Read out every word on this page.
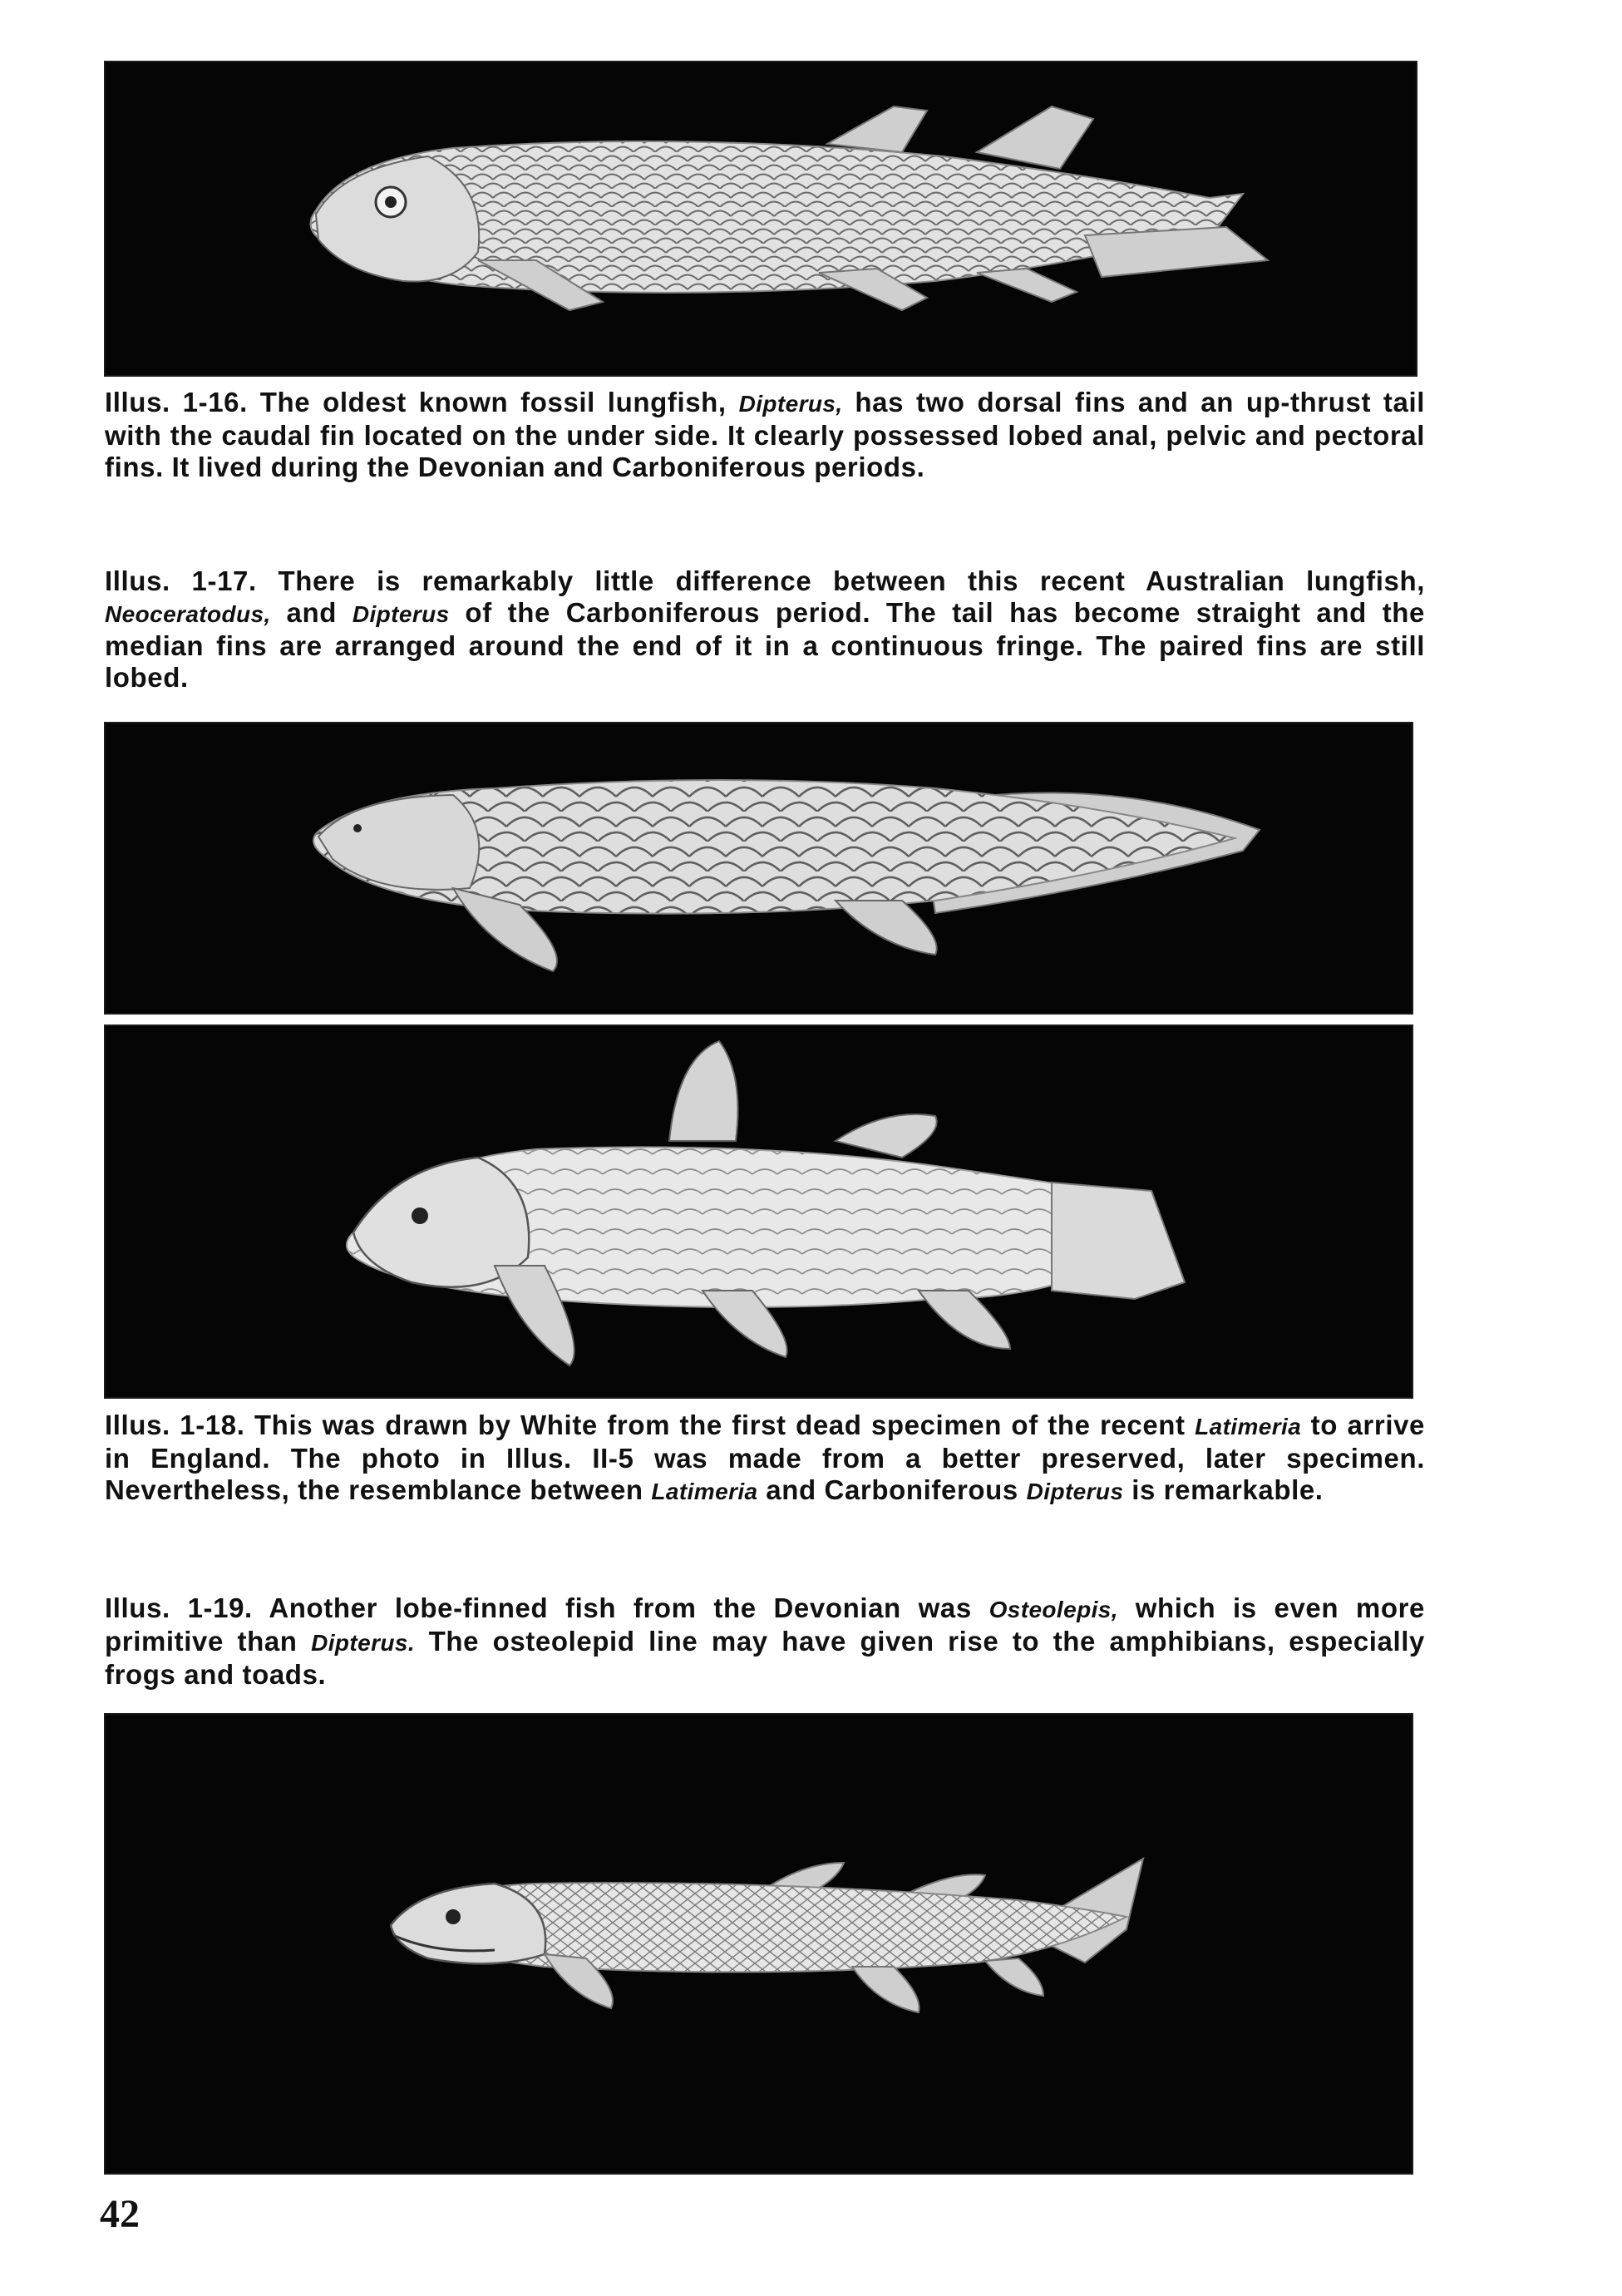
Illus. 1-16. The oldest known fossil lungfish, Dipterus, has two dorsal fins and an up-thrust tail with the caudal fin located on the under side. It clearly possessed lobed anal, pelvic and pectoral fins. It lived during the Devonian and Carboniferous periods.

Illus. 1-17. There is remarkably little difference between this recent Australian lungfish, Neoceratodus, and Dipterus of the Carboniferous period. The tail has become straight and the median fins are arranged around the end of it in a continuous fringe. The paired fins are still lobed.

Illus. 1-18. This was drawn by White from the first dead specimen of the recent Latimeria to arrive in England. The photo in Illus. II-5 was made from a better preserved, later specimen. Nevertheless, the resemblance between Latimeria and Carboniferous Dipterus is remarkable.

Illus. 1-19. Another lobe-finned fish from the Devonian was Osteolepis, which is even more primitive than Dipterus. The osteolepid line may have given rise to the amphibians, especially frogs and toads.

42
